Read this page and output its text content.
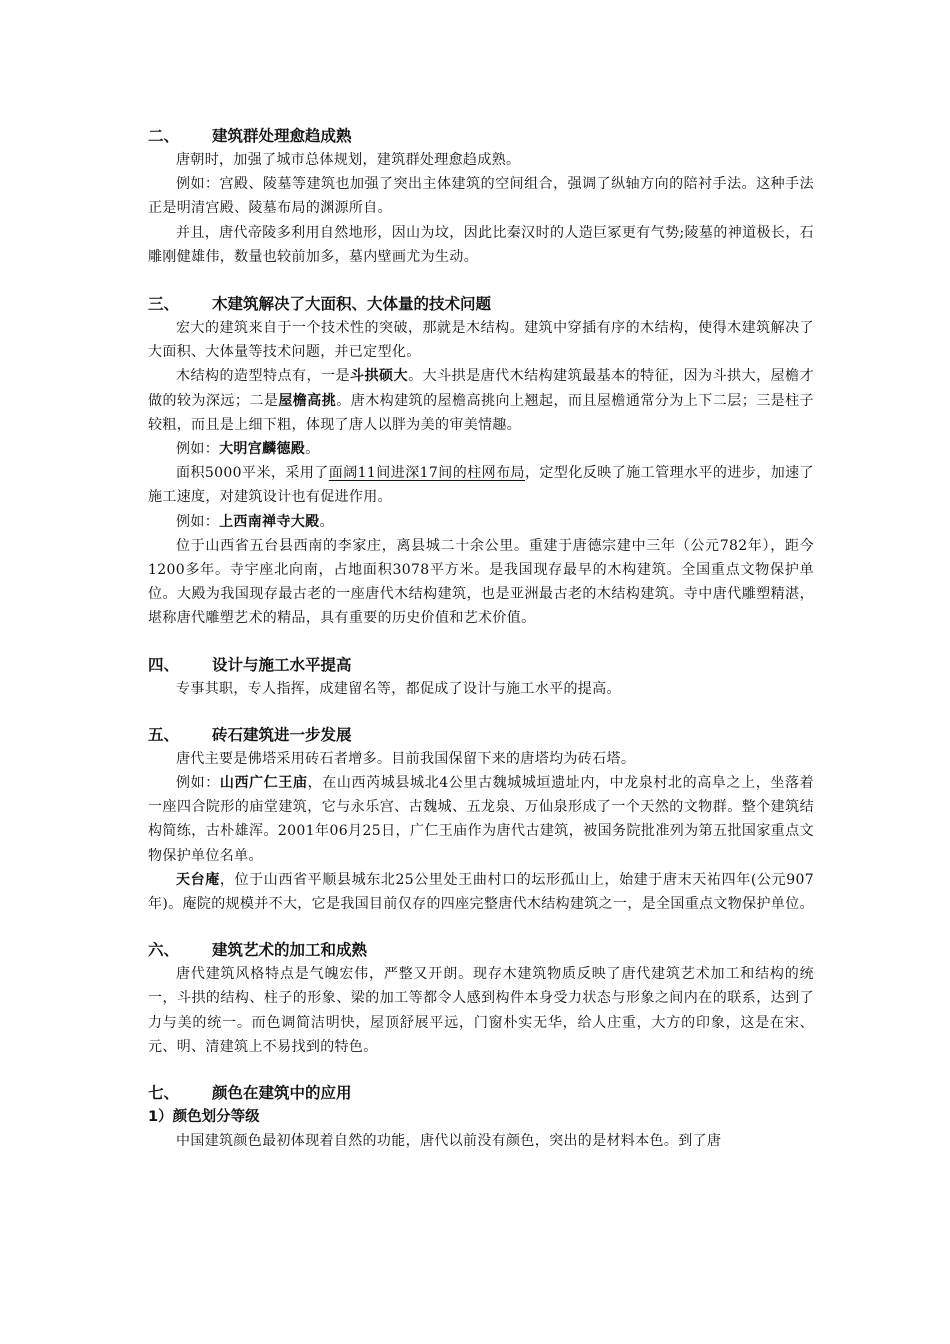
二、 建筑群处理愈趋成熟

唐朝时，加强了城市总体规划，建筑群处理愈趋成熟。

例如：宫殿、陵墓等建筑也加强了突出主体建筑的空间组合，强调了纵轴方向的陪衬手法。这种手法正是明清宫殿、陵墓布局的渊源所自。

并且，唐代帝陵多利用自然地形，因山为坟，因此比秦汉时的人造巨冢更有气势;陵墓的神道极长，石雕刚健雄伟，数量也较前加多，墓内壁画尤为生动。

三、 木建筑解决了大面积、大体量的技术问题

宏大的建筑来自于一个技术性的突破，那就是木结构。建筑中穿插有序的木结构，使得木建筑解决了大面积、大体量等技术问题，并已定型化。

木结构的造型特点有，一是斗拱硕大。大斗拱是唐代木结构建筑最基本的特征，因为斗拱大，屋檐才做的较为深远；二是屋檐高挑。唐木构建筑的屋檐高挑向上翘起，而且屋檐通常分为上下二层；三是柱子较粗，而且是上细下粗，体现了唐人以胖为美的审美情趣。

例如：大明宫麟德殿。

面积5000平米，采用了面阔11间进深17间的柱网布局，定型化反映了施工管理水平的进步，加速了施工速度，对建筑设计也有促进作用。

例如：上西南禅寺大殿。

位于山西省五台县西南的李家庄，离县城二十余公里。重建于唐德宗建中三年（公元782年），距今1200多年。寺宇座北向南，占地面积3078平方米。是我国现存最早的木构建筑。全国重点文物保护单位。大殿为我国现存最古老的一座唐代木结构建筑，也是亚洲最古老的木结构建筑。寺中唐代雕塑精湛，堪称唐代雕塑艺术的精品，具有重要的历史价值和艺术价值。

四、 设计与施工水平提高

专事其职，专人指挥，成建留名等，都促成了设计与施工水平的提高。

五、 砖石建筑进一步发展

唐代主要是佛塔采用砖石者增多。目前我国保留下来的唐塔均为砖石塔。

例如：山西广仁王庙，在山西芮城县城北4公里古魏城城垣遗址内，中龙泉村北的高阜之上，坐落着一座四合院形的庙堂建筑，它与永乐宫、古魏城、五龙泉、万仙泉形成了一个天然的文物群。整个建筑结构简练，古朴雄浑。2001年06月25日，广仁王庙作为唐代古建筑，被国务院批准列为第五批国家重点文物保护单位名单。

天台庵，位于山西省平顺县城东北25公里处王曲村口的坛形孤山上，始建于唐末天祐四年(公元907年)。庵院的规模并不大，它是我国目前仅存的四座完整唐代木结构建筑之一，是全国重点文物保护单位。

六、 建筑艺术的加工和成熟

唐代建筑风格特点是气魄宏伟，严整又开朗。现存木建筑物质反映了唐代建筑艺术加工和结构的统一，斗拱的结构、柱子的形象、梁的加工等都令人感到构件本身受力状态与形象之间内在的联系，达到了力与美的统一。而色调简洁明快，屋顶舒展平远，门窗朴实无华，给人庄重，大方的印象，这是在宋、元、明、清建筑上不易找到的特色。

七、 颜色在建筑中的应用
1）颜色划分等级

中国建筑颜色最初体现着自然的功能，唐代以前没有颜色，突出的是材料本色。到了唐
